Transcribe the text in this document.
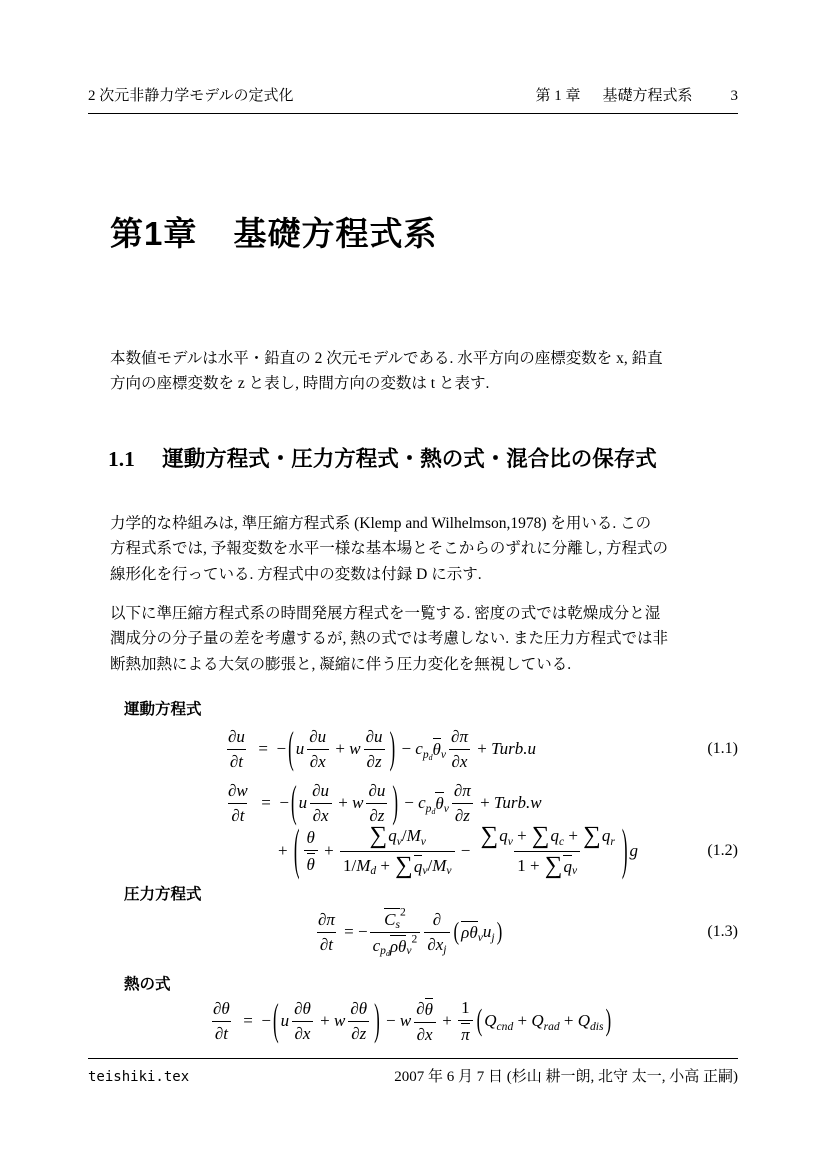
2 次元非静力学モデルの定式化	第 1 章 基礎方程式系	3
第1章 基礎方程式系
本数値モデルは水平・鉛直の 2 次元モデルである. 水平方向の座標変数を x, 鉛直
方向の座標変数を z と表し, 時間方向の変数は t と表す.
1.1 運動方程式・圧力方程式・熱の式・混合比の保存式
力学的な枠組みは, 準圧縮方程式系 (Klemp and Wilhelmson,1978) を用いる. この
方程式系では, 予報変数を水平一様な基本場とそこからのずれに分離し, 方程式の
線形化を行っている. 方程式中の変数は付録 D に示す.
以下に準圧縮方程式系の時間発展方程式を一覧する. 密度の式では乾燥成分と湿
潤成分の分子量の差を考慮するが, 熱の式では考慮しない. また圧力方程式では非
断熱加熱による大気の膨張と, 凝縮に伴う圧力変化を無視している.
運動方程式
$\frac{\partial u}{\partial t}$ =  − ( u $\frac{\partial u}{\partial x} + w \frac{\partial u}{\partial z}$ ) − c p d θ v $\frac{\partial\pi}{\partial x}$ + Turb.u	(1.1)
$\frac{\partial w}{\partial t}$ =  − ( u $\frac{\partial u}{\partial x} + w \frac{\partial u}{\partial z}$ ) − c p d θ v $\frac{\partial\pi}{\partial z}$ + Turb.w
+ ( $\frac{\theta}{\theta} + \frac{\text{∑ q v / M v}}{\text{1/ M d + ∑ q v / M v}} - \frac{\text{∑ q v + ∑ q c + ∑ q r}}{\text{1 + ∑ q v}}$ ) g	(1.2)
圧力方程式
$\frac{\partial\pi}{\partial t}$ = − C s
2
c p d ρ θ v
$2 \frac{\partial}{\text{∂x j}}$ ( ρ θ v u j )	(1.3)
熱の式
$\frac{\partial\theta}{\partial t}$ =  − ( u $\frac{\partial\theta}{\partial x} + w \frac{\partial\theta}{\partial z}$ ) − w $\frac{\partial \theta}{\partial x} + \frac{1}{\pi}$ ( Q cnd + Q rad + Q dis )
teishiki.tex	2007 年 6 月 7 日 (杉山 耕一朗, 北守 太一, 小高 正嗣)
